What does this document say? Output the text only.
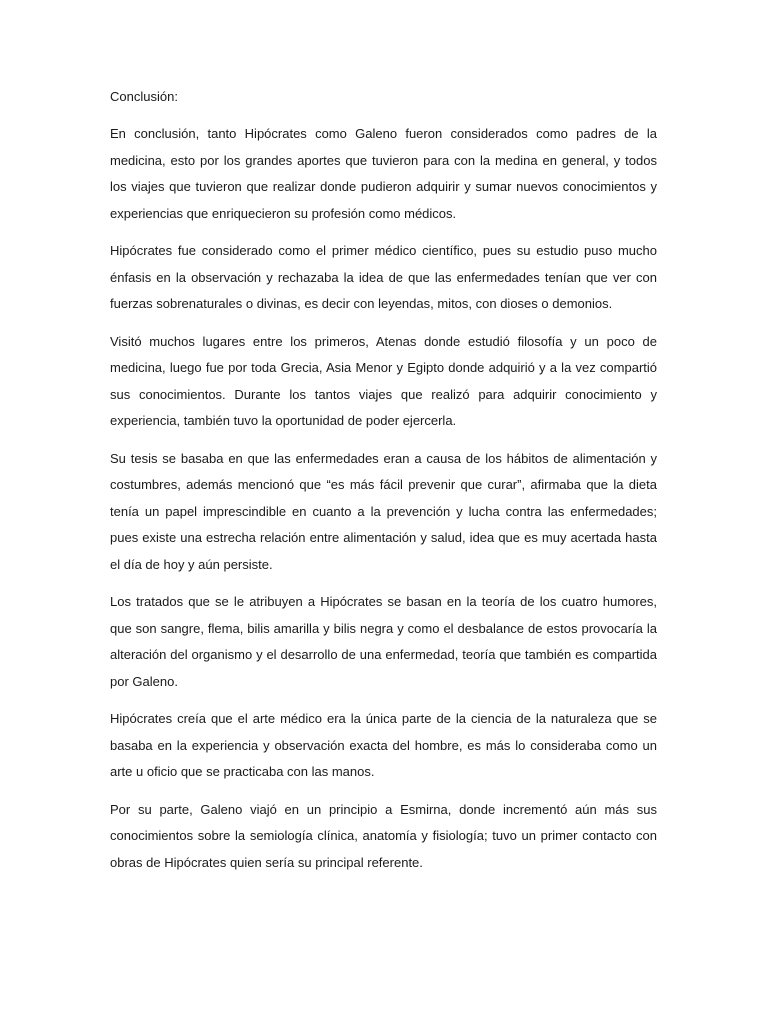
Conclusión:

En conclusión, tanto Hipócrates como Galeno fueron considerados como padres de la medicina, esto por los grandes aportes que tuvieron para con la medina en general, y todos los viajes que tuvieron que realizar donde pudieron adquirir y sumar nuevos conocimientos y experiencias que enriquecieron su profesión como médicos.

Hipócrates fue considerado como el primer médico científico, pues su estudio puso mucho énfasis en la observación y rechazaba la idea de que las enfermedades tenían que ver con fuerzas sobrenaturales o divinas, es decir con leyendas, mitos, con dioses o demonios.

Visitó muchos lugares entre los primeros, Atenas donde estudió filosofía y un poco de medicina, luego fue por toda Grecia, Asia Menor y Egipto donde adquirió y a la vez compartió sus conocimientos. Durante los tantos viajes que realizó para adquirir conocimiento y experiencia, también tuvo la oportunidad de poder ejercerla.

Su tesis se basaba en que las enfermedades eran a causa de los hábitos de alimentación y costumbres, además mencionó que “es más fácil prevenir que curar”, afirmaba que la dieta tenía un papel imprescindible en cuanto a la prevención y lucha contra las enfermedades; pues existe una estrecha relación entre alimentación y salud, idea que es muy acertada hasta el día de hoy y aún persiste.

Los tratados que se le atribuyen a Hipócrates se basan en la teoría de los cuatro humores, que son sangre, flema, bilis amarilla y bilis negra y como el desbalance de estos provocaría la alteración del organismo y el desarrollo de una enfermedad, teoría que también es compartida por Galeno.

Hipócrates creía que el arte médico era la única parte de la ciencia de la naturaleza que se basaba en la experiencia y observación exacta del hombre, es más lo consideraba como un arte u oficio que se practicaba con las manos.

Por su parte, Galeno viajó en un principio a Esmirna, donde incrementó aún más sus conocimientos sobre la semiología clínica, anatomía y fisiología; tuvo un primer contacto con obras de Hipócrates quien sería su principal referente.
